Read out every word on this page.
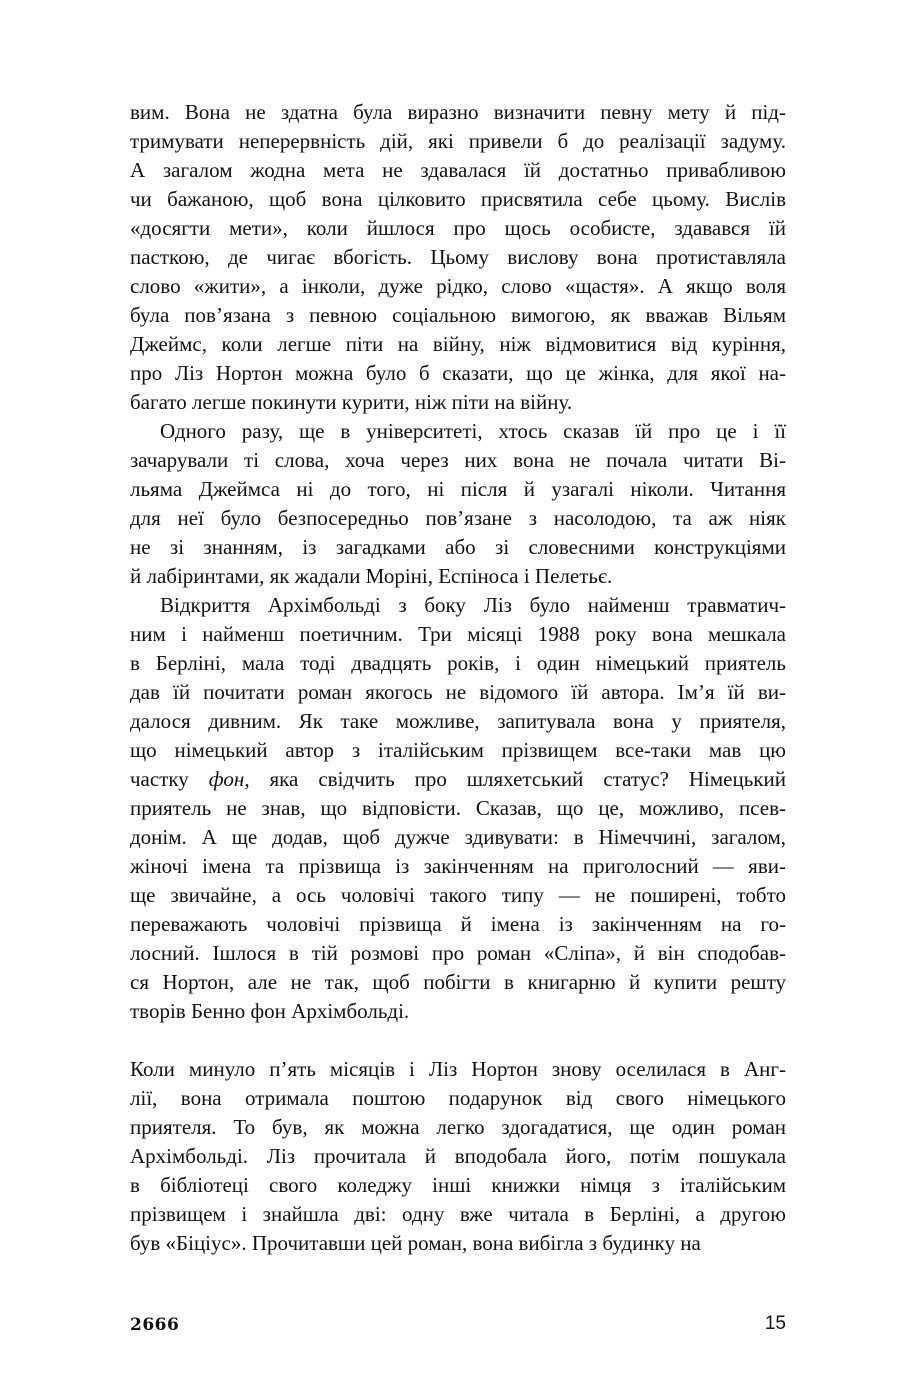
вим. Вона не здатна була виразно визначити певну мету й під-
тримувати неперервність дій, які привели б до реалізації задуму.
А загалом жодна мета не здавалася їй достатньо привабливою
чи бажаною, щоб вона цілковито присвятила себе цьому. Вислів
«досягти мети», коли йшлося про щось особисте, здавався їй
пасткою, де чигає вбогість. Цьому вислову вона протиставляла
слово «жити», а інколи, дуже рідко, слово «щастя». А якщо воля
була пов’язана з певною соціальною вимогою, як вважав Вільям
Джеймс, коли легше піти на війну, ніж відмовитися від куріння,
про Ліз Нортон можна було б сказати, що це жінка, для якої на-
багато легше покинути курити, ніж піти на війну.
Одного разу, ще в університеті, хтось сказав їй про це і її
зачарували ті слова, хоча через них вона не почала читати Ві-
льяма Джеймса ні до того, ні після й узагалі ніколи. Читання
для неї було безпосередньо пов’язане з насолодою, та аж ніяк
не зі знанням, із загадками або зі словесними конструкціями
й лабіринтами, як жадали Моріні, Еспіноса і Пелетьє.
Відкриття Архімбольді з боку Ліз було найменш травматич-
ним і найменш поетичним. Три місяці 1988 року вона мешкала
в Берліні, мала тоді двадцять років, і один німецький приятель
дав їй почитати роман якогось не відомого їй автора. Ім’я їй ви-
далося дивним. Як таке можливе, запитувала вона у приятеля,
що німецький автор з італійським прізвищем все-таки мав цю
частку фон, яка свідчить про шляхетський статус? Німецький
приятель не знав, що відповісти. Сказав, що це, можливо, псев-
донім. А ще додав, щоб дужче здивувати: в Німеччині, загалом,
жіночі імена та прізвища із закінченням на приголосний — яви-
ще звичайне, а ось чоловічі такого типу — не поширені, тобто
переважають чоловічі прізвища й імена із закінченням на го-
лосний. Ішлося в тій розмові про роман «Сліпа», й він сподобав-
ся Нортон, але не так, щоб побігти в книгарню й купити решту
творів Бенно фон Архімбольді.
Коли минуло п’ять місяців і Ліз Нортон знову оселилася в Анг-
лії, вона отримала поштою подарунок від свого німецького
приятеля. То був, як можна легко здогадатися, ще один роман
Архімбольді. Ліз прочитала й вподобала його, потім пошукала
в бібліотеці свого коледжу інші книжки німця з італійським
прізвищем і знайшла дві: одну вже читала в Берліні, а другою
був «Біціус». Прочитавши цей роман, вона вибігла з будинку на
2666	15
